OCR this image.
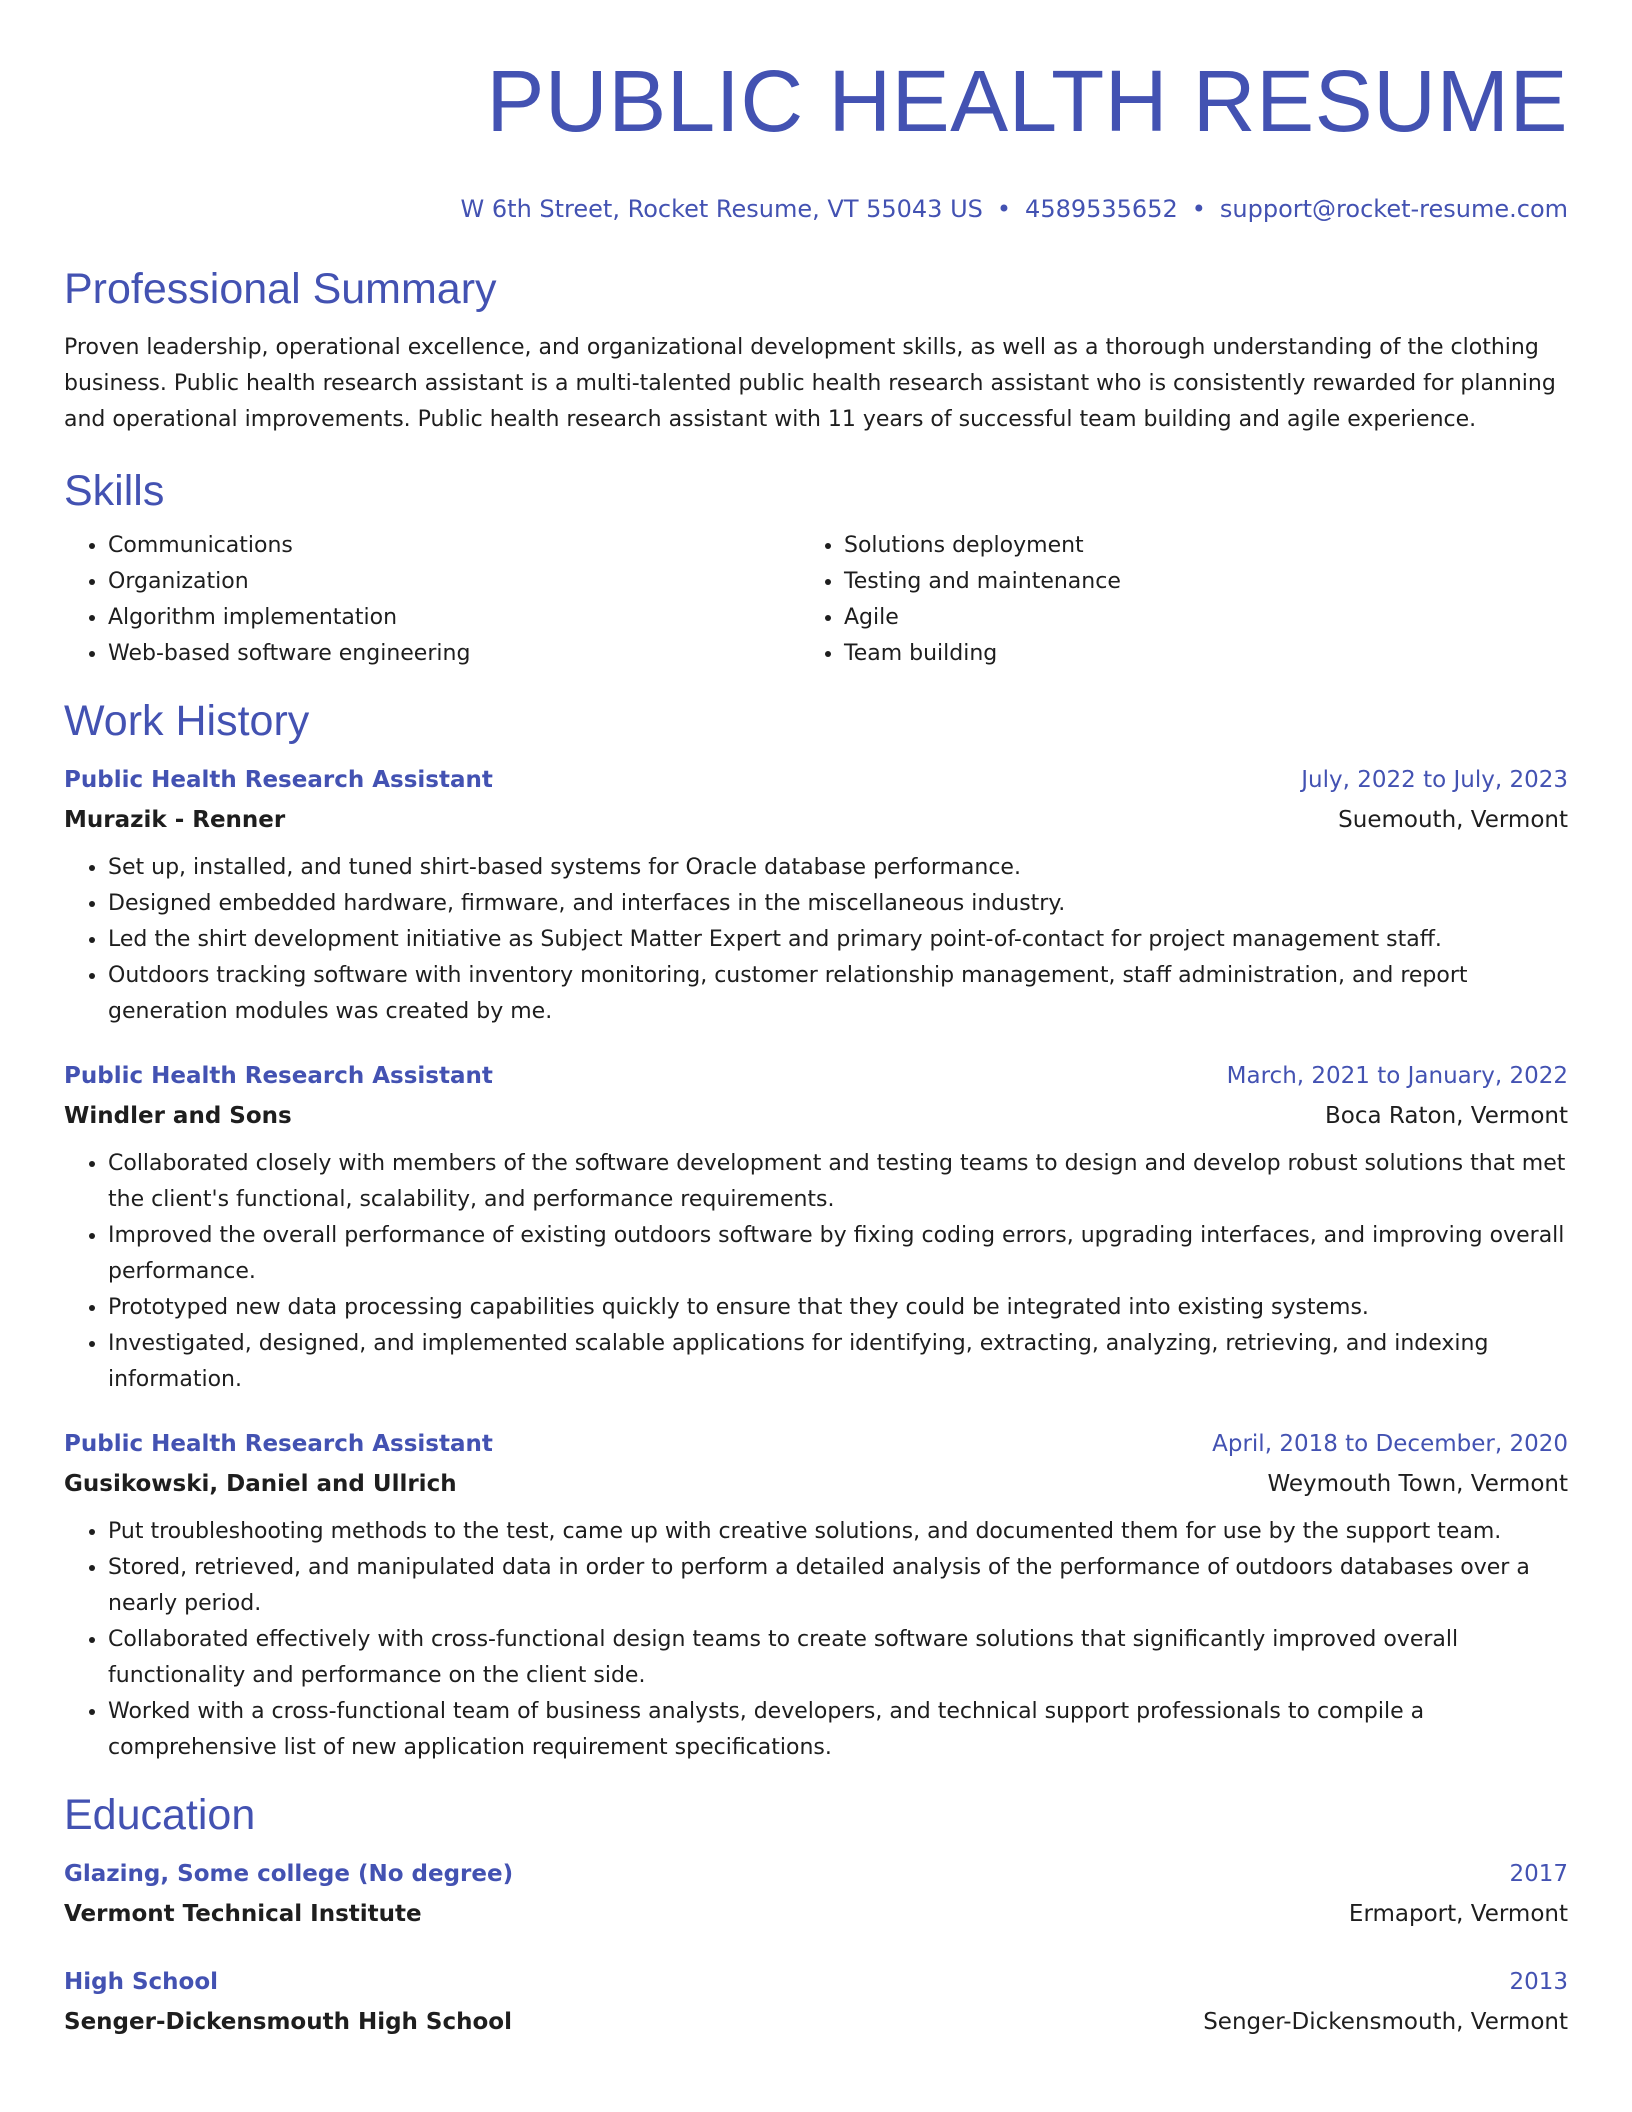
PUBLIC HEALTH RESUME
W 6th Street, Rocket Resume, VT 55043 US • 4589535652 • support@rocket-resume.com
Professional Summary
Proven leadership, operational excellence, and organizational development skills, as well as a thorough understanding of the clothing business. Public health research assistant is a multi-talented public health research assistant who is consistently rewarded for planning and operational improvements. Public health research assistant with 11 years of successful team building and agile experience.
Skills
• Communications
• Organization
• Algorithm implementation
• Web-based software engineering
• Solutions deployment
• Testing and maintenance
• Agile
• Team building
Work History
Public Health Research Assistant	July, 2022 to July, 2023
Murazik - Renner	Suemouth, Vermont
• Set up, installed, and tuned shirt-based systems for Oracle database performance.
• Designed embedded hardware, firmware, and interfaces in the miscellaneous industry.
• Led the shirt development initiative as Subject Matter Expert and primary point-of-contact for project management staff.
• Outdoors tracking software with inventory monitoring, customer relationship management, staff administration, and report generation modules was created by me.
Public Health Research Assistant	March, 2021 to January, 2022
Windler and Sons	Boca Raton, Vermont
• Collaborated closely with members of the software development and testing teams to design and develop robust solutions that met the client's functional, scalability, and performance requirements.
• Improved the overall performance of existing outdoors software by fixing coding errors, upgrading interfaces, and improving overall performance.
• Prototyped new data processing capabilities quickly to ensure that they could be integrated into existing systems.
• Investigated, designed, and implemented scalable applications for identifying, extracting, analyzing, retrieving, and indexing information.
Public Health Research Assistant	April, 2018 to December, 2020
Gusikowski, Daniel and Ullrich	Weymouth Town, Vermont
• Put troubleshooting methods to the test, came up with creative solutions, and documented them for use by the support team.
• Stored, retrieved, and manipulated data in order to perform a detailed analysis of the performance of outdoors databases over a nearly period.
• Collaborated effectively with cross-functional design teams to create software solutions that significantly improved overall functionality and performance on the client side.
• Worked with a cross-functional team of business analysts, developers, and technical support professionals to compile a comprehensive list of new application requirement specifications.
Education
Glazing, Some college (No degree)	2017
Vermont Technical Institute	Ermaport, Vermont
High School	2013
Senger-Dickensmouth High School	Senger-Dickensmouth, Vermont
